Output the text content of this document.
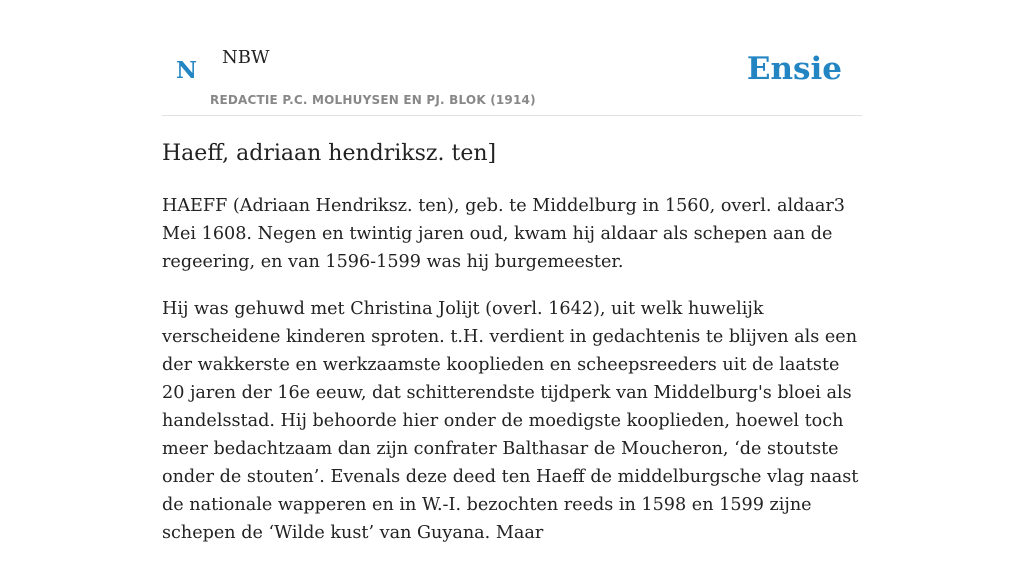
N NBW
REDACTIE P.C. MOLHUYSEN EN PJ. BLOK (1914)
Ensie
Haeff, adriaan hendriksz. ten]

HAEFF (Adriaan Hendriksz. ten), geb. te Middelburg in 1560, overl. aldaar3 Mei 1608. Negen en twintig jaren oud, kwam hij aldaar als schepen aan de regeering, en van 1596-1599 was hij burgemeester.

Hij was gehuwd met Christina Jolijt (overl. 1642), uit welk huwelijk verscheidene kinderen sproten. t.H. verdient in gedachtenis te blijven als een der wakkerste en werkzaamste kooplieden en scheepsreeders uit de laatste 20 jaren der 16e eeuw, dat schitterendste tijdperk van Middelburg's bloei als handelsstad. Hij behoorde hier onder de moedigste kooplieden, hoewel toch meer bedachtzaam dan zijn confrater Balthasar de Moucheron, ‘de stoutste onder de stouten’. Evenals deze deed ten Haeff de middelburgsche vlag naast de nationale wapperen en in W.-I. bezochten reeds in 1598 en 1599 zijne schepen de ‘Wilde kust’ van Guyana. Maar
